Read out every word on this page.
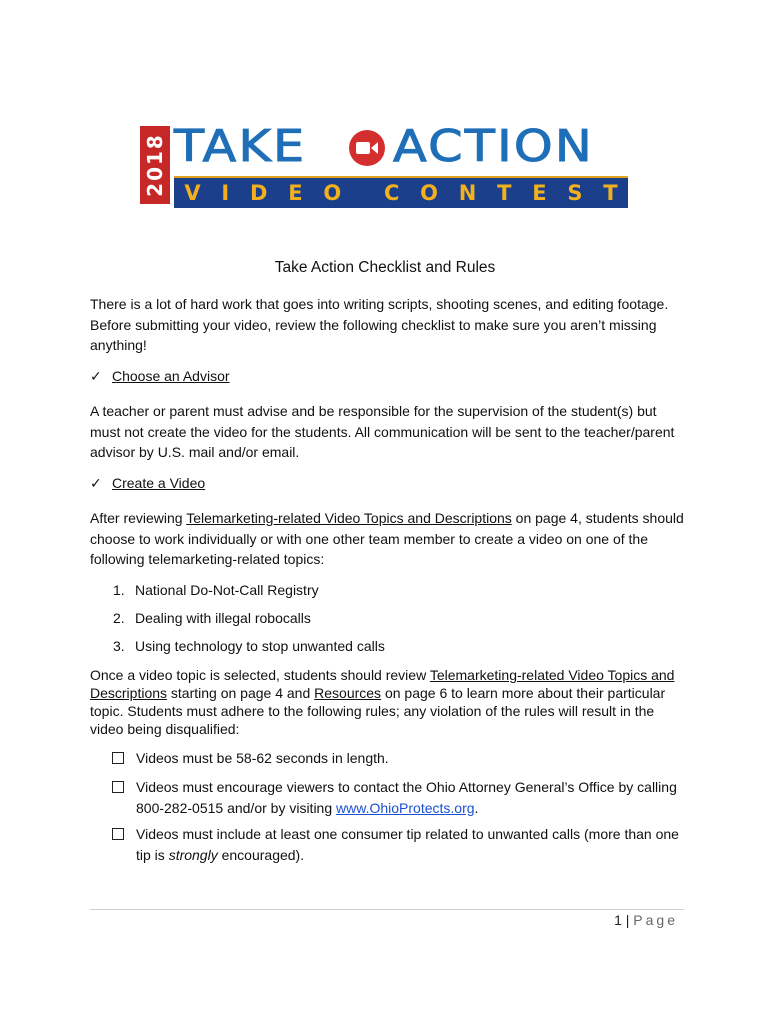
2018 TAKE ACTION
V I D E O C O N T E S T
Take Action Checklist and Rules
There is a lot of hard work that goes into writing scripts, shooting scenes, and editing footage. Before submitting your video, review the following checklist to make sure you aren’t missing anything!
✓ Choose an Advisor
A teacher or parent must advise and be responsible for the supervision of the student(s) but must not create the video for the students. All communication will be sent to the teacher/parent advisor by U.S. mail and/or email.
✓ Create a Video
After reviewing Telemarketing-related Video Topics and Descriptions on page 4, students should choose to work individually or with one other team member to create a video on one of the following telemarketing-related topics:
1. National Do-Not-Call Registry
2. Dealing with illegal robocalls
3. Using technology to stop unwanted calls
Once a video topic is selected, students should review Telemarketing-related Video Topics and Descriptions starting on page 4 and Resources on page 6 to learn more about their particular topic. Students must adhere to the following rules; any violation of the rules will result in the video being disqualified:
Videos must be 58-62 seconds in length.
Videos must encourage viewers to contact the Ohio Attorney General’s Office by calling 800-282-0515 and/or by visiting www.OhioProtects.org.
Videos must include at least one consumer tip related to unwanted calls (more than one tip is strongly encouraged).
1 | Page
